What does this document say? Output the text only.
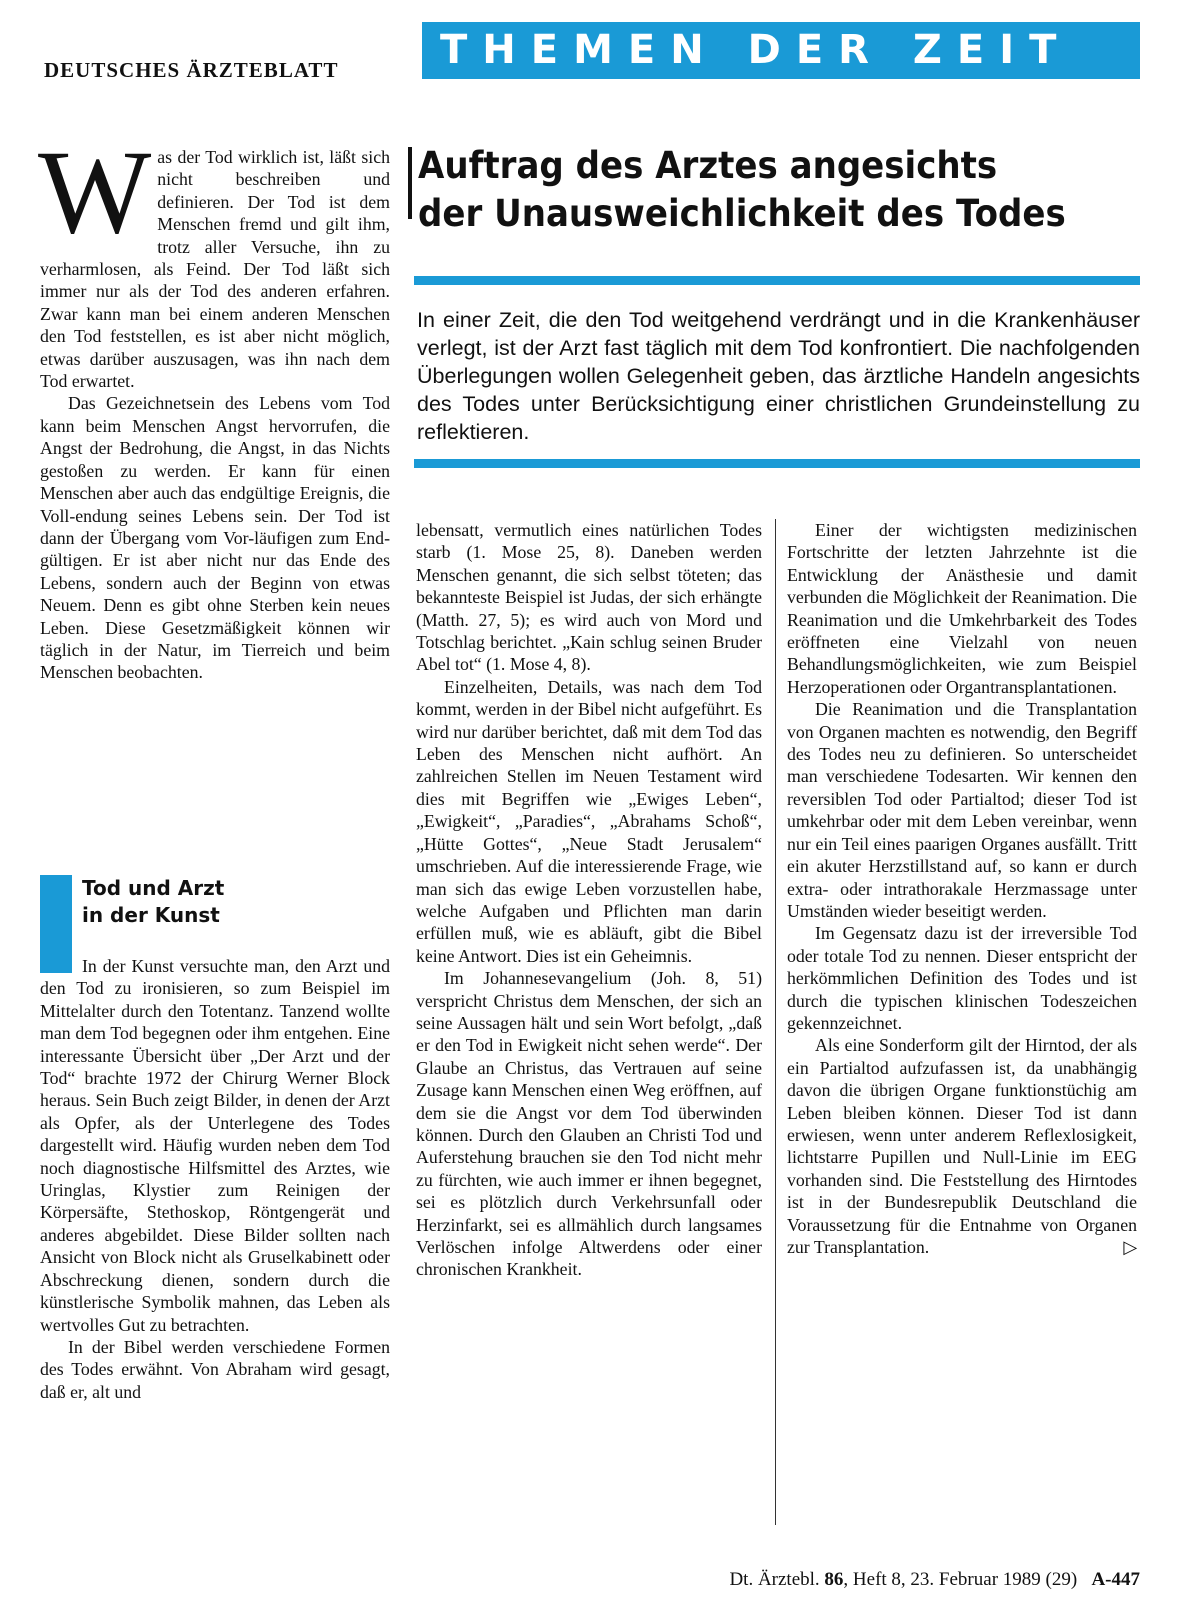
DEUTSCHES ÄRZTEBLATT	THEMEN DER ZEIT
W as der Tod wirklich ist, läßt sich nicht beschreiben und definieren. Der Tod ist dem Menschen fremd und gilt ihm, trotz aller Versuche, ihn zu verharmlosen, als Feind. Der Tod läßt sich immer nur als der Tod des anderen erfahren. Zwar kann man bei einem anderen Menschen den Tod feststellen, es ist aber nicht möglich, etwas darüber auszusagen, was ihn nach dem Tod erwartet.

Das Gezeichnetsein des Lebens vom Tod kann beim Menschen Angst hervorrufen, die Angst der Bedrohung, die Angst, in das Nichts gestoßen zu werden. Er kann für einen Menschen aber auch das endgültige Ereignis, die Voll-endung seines Lebens sein. Der Tod ist dann der Übergang vom Vor-läufigen zum End-gültigen. Er ist aber nicht nur das Ende des Lebens, sondern auch der Beginn von etwas Neuem. Denn es gibt ohne Sterben kein neues Leben. Diese Gesetzmäßigkeit können wir täglich in der Natur, im Tierreich und beim Menschen beobachten.

Tod und Arzt
in der Kunst

In der Kunst versuchte man, den Arzt und den Tod zu ironisieren, so zum Beispiel im Mittelalter durch den Totentanz. Tanzend wollte man dem Tod begegnen oder ihm entgehen. Eine interessante Übersicht über „Der Arzt und der Tod“ brachte 1972 der Chirurg Werner Block heraus. Sein Buch zeigt Bilder, in denen der Arzt als Opfer, als der Unterlegene des Todes dargestellt wird. Häufig wurden neben dem Tod noch diagnostische Hilfsmittel des Arztes, wie Uringlas, Klystier zum Reinigen der Körpersäfte, Stethoskop, Röntgengerät und anderes abgebildet. Diese Bilder sollten nach Ansicht von Block nicht als Gruselkabinett oder Abschreckung dienen, sondern durch die künstlerische Symbolik mahnen, das Leben als wertvolles Gut zu betrachten.

In der Bibel werden verschiedene Formen des Todes erwähnt. Von Abraham wird gesagt, daß er, alt und

Auftrag des Arztes angesichts
der Unausweichlichkeit des Todes
In einer Zeit, die den Tod weitgehend verdrängt und in die Krankenhäuser verlegt, ist der Arzt fast täglich mit dem Tod konfrontiert. Die nachfolgenden Überlegungen wollen Gelegenheit geben, das ärztliche Handeln angesichts des Todes unter Berücksichtigung einer christlichen Grundeinstellung zu reflektieren.

lebensatt, vermutlich eines natürlichen Todes starb (1. Mose 25, 8). Daneben werden Menschen genannt, die sich selbst töteten; das bekannteste Beispiel ist Judas, der sich erhängte (Matth. 27, 5); es wird auch von Mord und Totschlag berichtet. „Kain schlug seinen Bruder Abel tot“ (1. Mose 4, 8).

Einzelheiten, Details, was nach dem Tod kommt, werden in der Bibel nicht aufgeführt. Es wird nur darüber berichtet, daß mit dem Tod das Leben des Menschen nicht aufhört. An zahlreichen Stellen im Neuen Testament wird dies mit Begriffen wie „Ewiges Leben“, „Ewigkeit“, „Paradies“, „Abrahams Schoß“, „Hütte Gottes“, „Neue Stadt Jerusalem“ umschrieben. Auf die interessierende Frage, wie man sich das ewige Leben vorzustellen habe, welche Aufgaben und Pflichten man darin erfüllen muß, wie es abläuft, gibt die Bibel keine Antwort. Dies ist ein Geheimnis.

Im Johannesevangelium (Joh. 8, 51) verspricht Christus dem Menschen, der sich an seine Aussagen hält und sein Wort befolgt, „daß er den Tod in Ewigkeit nicht sehen werde“. Der Glaube an Christus, das Vertrauen auf seine Zusage kann Menschen einen Weg eröffnen, auf dem sie die Angst vor dem Tod überwinden können. Durch den Glauben an Christi Tod und Auferstehung brauchen sie den Tod nicht mehr zu fürchten, wie auch immer er ihnen begegnet, sei es plötzlich durch Verkehrsunfall oder Herzinfarkt, sei es allmählich durch langsames Verlöschen infolge Altwerdens oder einer chronischen Krankheit.

Einer der wichtigsten medizinischen Fortschritte der letzten Jahrzehnte ist die Entwicklung der Anästhesie und damit verbunden die Möglichkeit der Reanimation. Die Reanimation und die Umkehrbarkeit des Todes eröffneten eine Vielzahl von neuen Behandlungsmöglichkeiten, wie zum Beispiel Herzoperationen oder Organtransplantationen.

Die Reanimation und die Transplantation von Organen machten es notwendig, den Begriff des Todes neu zu definieren. So unterscheidet man verschiedene Todesarten. Wir kennen den reversiblen Tod oder Partialtod; dieser Tod ist umkehrbar oder mit dem Leben vereinbar, wenn nur ein Teil eines paarigen Organes ausfällt. Tritt ein akuter Herzstillstand auf, so kann er durch extra- oder intrathorakale Herzmassage unter Umständen wieder beseitigt werden.

Im Gegensatz dazu ist der irreversible Tod oder totale Tod zu nennen. Dieser entspricht der herkömmlichen Definition des Todes und ist durch die typischen klinischen Todeszeichen gekennzeichnet.

Als eine Sonderform gilt der Hirntod, der als ein Partialtod aufzufassen ist, da unabhängig davon die übrigen Organe funktionstüchig am Leben bleiben können. Dieser Tod ist dann erwiesen, wenn unter anderem Reflexlosigkeit, lichtstarre Pupillen und Null-Linie im EEG vorhanden sind. Die Feststellung des Hirntodes ist in der Bundesrepublik Deutschland die Voraussetzung für die Entnahme von Organen zur Transplantation.	▷

Dt. Ärztebl. 86, Heft 8, 23. Februar 1989 (29) A-447
